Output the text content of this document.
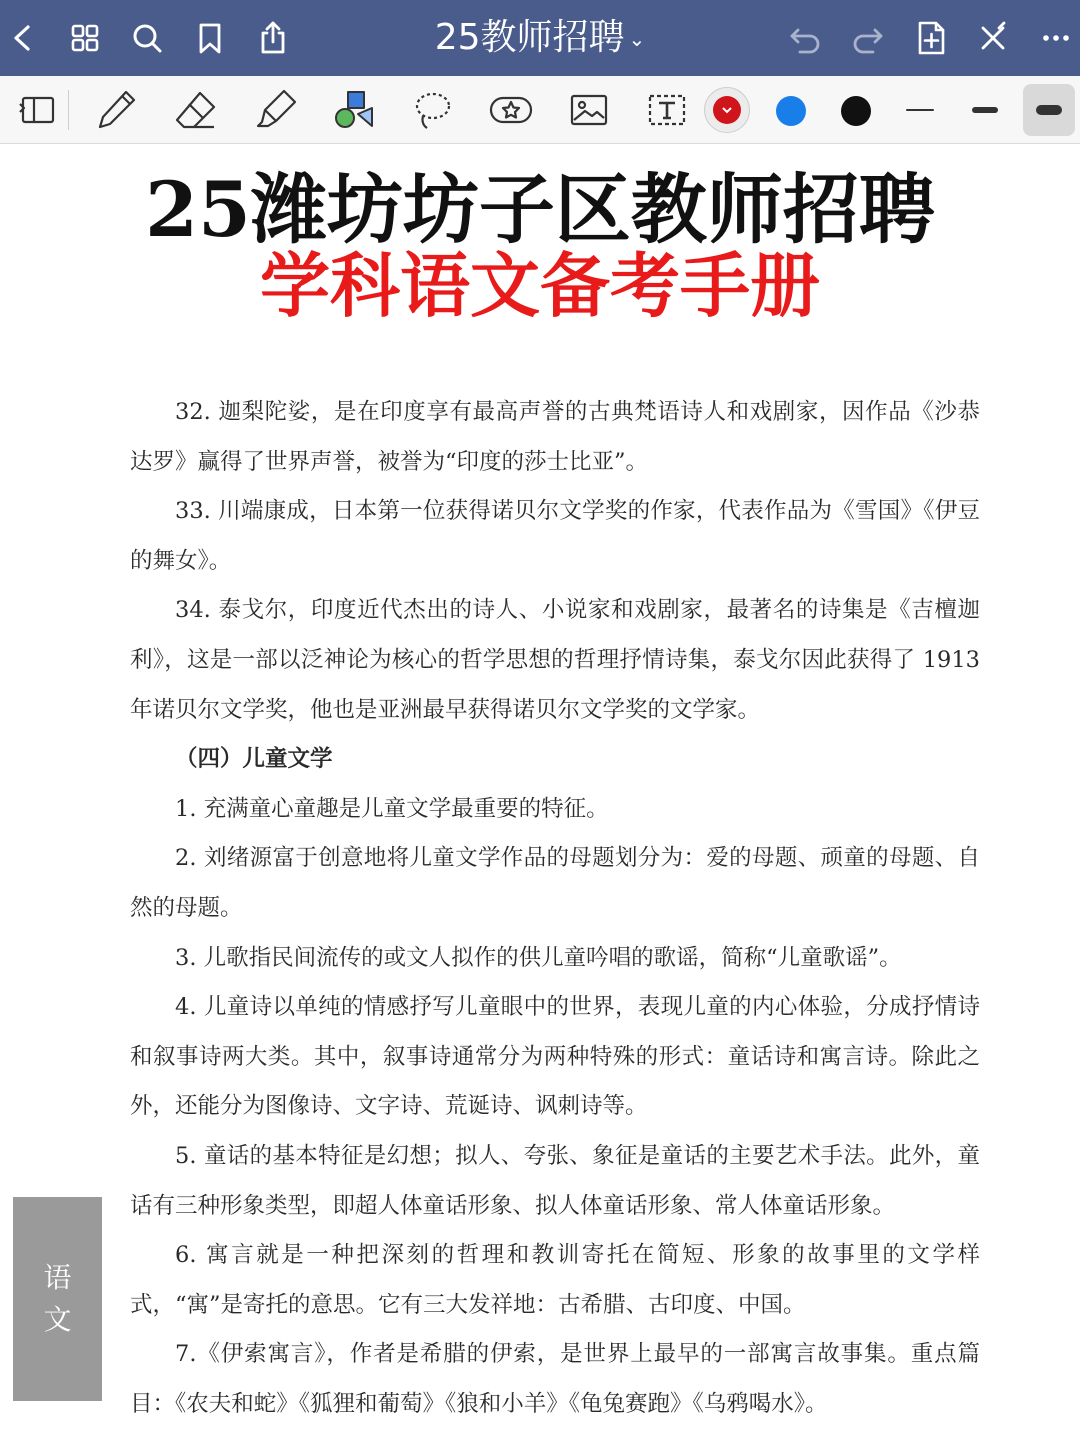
25教师招聘 ⌄
25潍坊坊子区教师招聘
学科语文备考手册

32. 迦梨陀娑，是在印度享有最高声誉的古典梵语诗人和戏剧家，因作品《沙恭达罗》赢得了世界声誉，被誉为“印度的莎士比亚”。

33. 川端康成，日本第一位获得诺贝尔文学奖的作家，代表作品为《雪国》《伊豆的舞女》。

34. 泰戈尔，印度近代杰出的诗人、小说家和戏剧家，最著名的诗集是《吉檀迦利》，这是一部以泛神论为核心的哲学思想的哲理抒情诗集，泰戈尔因此获得了 1913 年诺贝尔文学奖，他也是亚洲最早获得诺贝尔文学奖的文学家。

（四）儿童文学

1. 充满童心童趣是儿童文学最重要的特征。

2. 刘绪源富于创意地将儿童文学作品的母题划分为：爱的母题、顽童的母题、自然的母题。

3. 儿歌指民间流传的或文人拟作的供儿童吟唱的歌谣，简称“儿童歌谣”。

4. 儿童诗以单纯的情感抒写儿童眼中的世界，表现儿童的内心体验，分成抒情诗和叙事诗两大类。其中，叙事诗通常分为两种特殊的形式：童话诗和寓言诗。除此之外，还能分为图像诗、文字诗、荒诞诗、讽刺诗等。

5. 童话的基本特征是幻想；拟人、夸张、象征是童话的主要艺术手法。此外，童话有三种形象类型，即超人体童话形象、拟人体童话形象、常人体童话形象。

6. 寓言就是一种把深刻的哲理和教训寄托在简短、形象的故事里的文学样式，“寓”是寄托的意思。它有三大发祥地：古希腊、古印度、中国。

7.《伊索寓言》，作者是希腊的伊索，是世界上最早的一部寓言故事集。重点篇目：《农夫和蛇》《狐狸和葡萄》《狼和小羊》《龟兔赛跑》《乌鸦喝水》。

语
文
